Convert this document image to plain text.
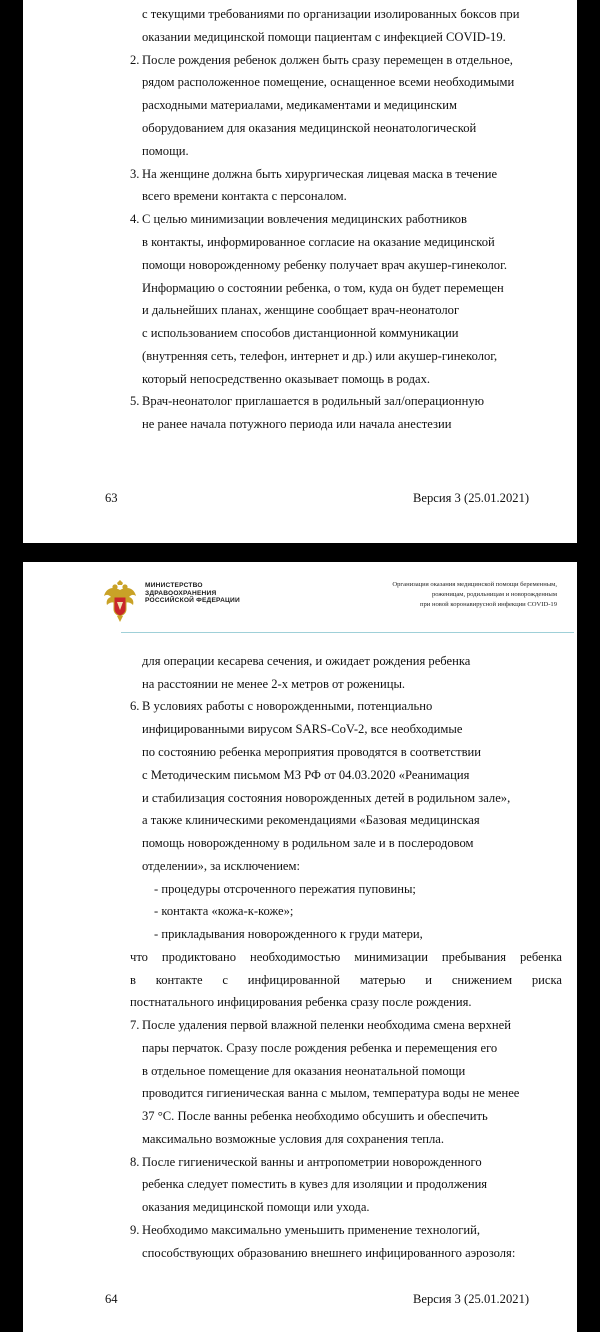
с текущими требованиями по организации изолированных боксов при
оказании медицинской помощи пациентам с инфекцией COVID-19.
2. После рождения ребенок должен быть сразу перемещен в отдельное,
рядом расположенное помещение, оснащенное всеми необходимыми
расходными материалами, медикаментами и медицинским
оборудованием для оказания медицинской неонатологической
помощи.
3. На женщине должна быть хирургическая лицевая маска в течение
всего времени контакта с персоналом.
4. С целью минимизации вовлечения медицинских работников
в контакты, информированное согласие на оказание медицинской
помощи новорожденному ребенку получает врач акушер-гинеколог.
Информацию о состоянии ребенка, о том, куда он будет перемещен
и дальнейших планах, женщине сообщает врач-неонатолог
с использованием способов дистанционной коммуникации
(внутренняя сеть, телефон, интернет и др.) или акушер-гинеколог,
который непосредственно оказывает помощь в родах.
5. Врач-неонатолог приглашается в родильный зал/операционную
не ранее начала потужного периода или начала анестезии
63	Версия 3 (25.01.2021)
МИНИСТЕРСТВО
ЗДРАВООХРАНЕНИЯ
РОССИЙСКОЙ ФЕДЕРАЦИИ
Организация оказания медицинской помощи беременным,
роженицам, родильницам и новорожденным
при новой коронавирусной инфекции COVID-19
для операции кесарева сечения, и ожидает рождения ребенка
на расстоянии не менее 2-х метров от роженицы.
6. В условиях работы с новорожденными, потенциально
инфицированными вирусом SARS-CoV-2, все необходимые
по состоянию ребенка мероприятия проводятся в соответствии
с Методическим письмом МЗ РФ от 04.03.2020 «Реанимация
и стабилизация состояния новорожденных детей в родильном зале»,
а также клиническими рекомендациями «Базовая медицинская
помощь новорожденному в родильном зале и в послеродовом
отделении», за исключением:
- процедуры отсроченного пережатия пуповины;
- контакта «кожа-к-коже»;
- прикладывания новорожденного к груди матери,
что продиктовано необходимостью минимизации пребывания ребенка
в контакте с инфицированной матерью и снижением риска
постнатального инфицирования ребенка сразу после рождения.
7. После удаления первой влажной пеленки необходима смена верхней
пары перчаток. Сразу после рождения ребенка и перемещения его
в отдельное помещение для оказания неонатальной помощи
проводится гигиеническая ванна с мылом, температура воды не менее
37 °С. После ванны ребенка необходимо обсушить и обеспечить
максимально возможные условия для сохранения тепла.
8. После гигиенической ванны и антропометрии новорожденного
ребенка следует поместить в кувез для изоляции и продолжения
оказания медицинской помощи или ухода.
9. Необходимо максимально уменьшить применение технологий,
способствующих образованию внешнего инфицированного аэрозоля:
64	Версия 3 (25.01.2021)
